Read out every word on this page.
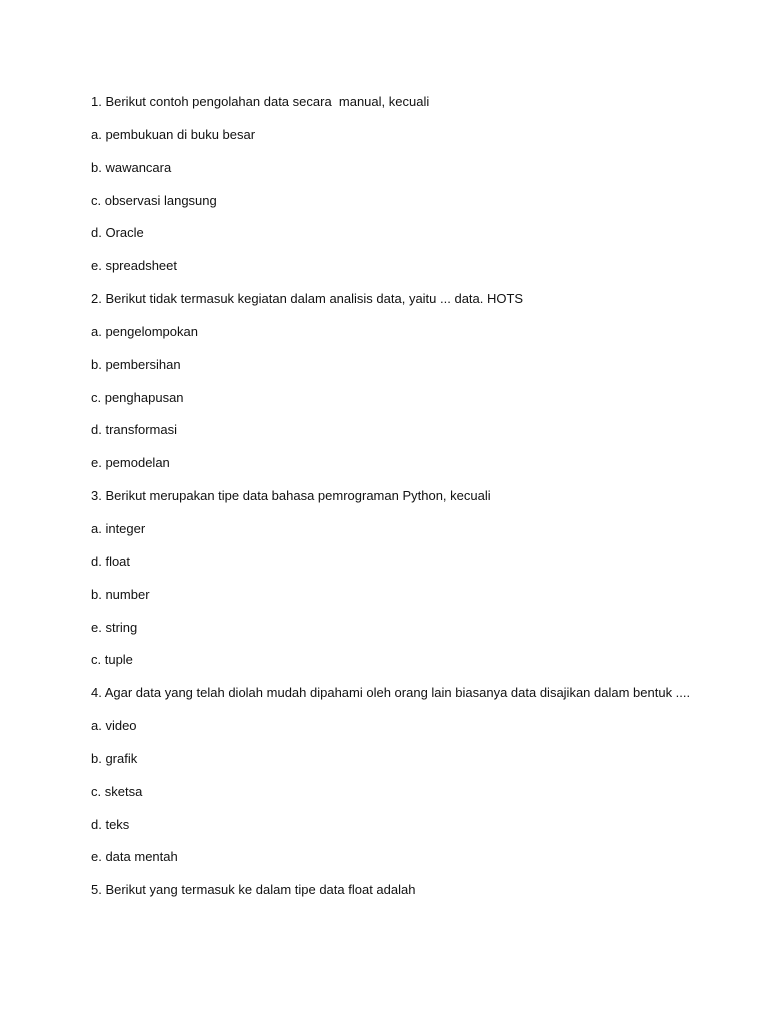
1. Berikut contoh pengolahan data secara  manual, kecuali
a. pembukuan di buku besar
b. wawancara
c. observasi langsung
d. Oracle
e. spreadsheet
2. Berikut tidak termasuk kegiatan dalam analisis data, yaitu ... data. HOTS
a. pengelompokan
b. pembersihan
c. penghapusan
d. transformasi
e. pemodelan
3. Berikut merupakan tipe data bahasa pemrograman Python, kecuali
a. integer
d. float
b. number
e. string
c. tuple
4. Agar data yang telah diolah mudah dipahami oleh orang lain biasanya data disajikan dalam bentuk ....
a. video
b. grafik
c. sketsa
d. teks
e. data mentah
5. Berikut yang termasuk ke dalam tipe data float adalah
